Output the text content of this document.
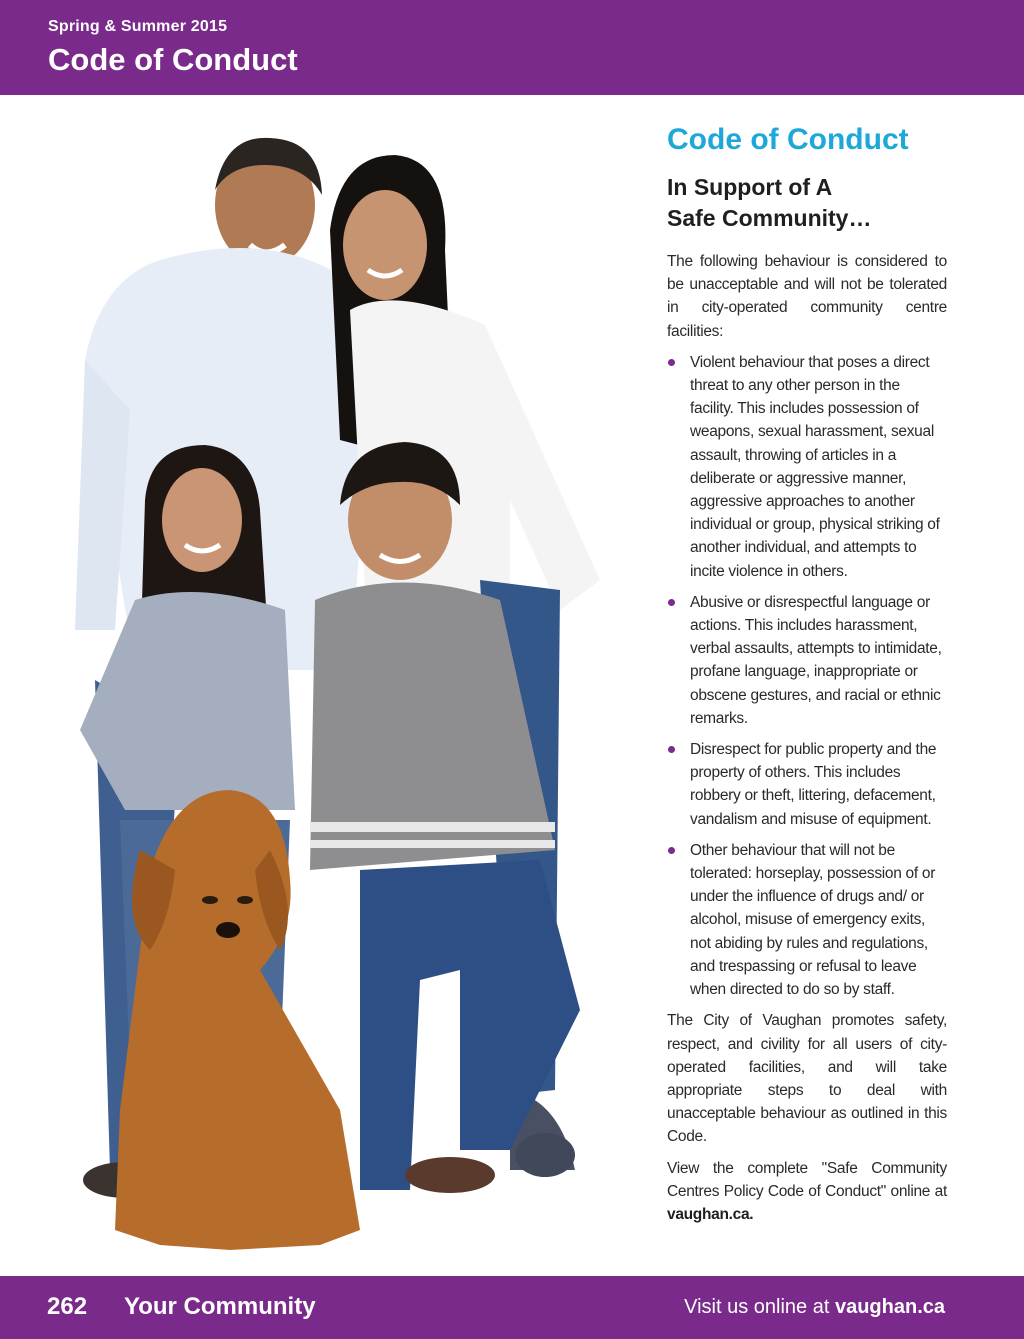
Spring & Summer 2015
Code of Conduct
Code of Conduct
In Support of A
Safe Community…

The following behaviour is considered to be unacceptable and will not be tolerated in city-operated community centre facilities:

Violent behaviour that poses a direct threat to any other person in the facility. This includes possession of weapons, sexual harassment, sexual assault, throwing of articles in a deliberate or aggressive manner, aggressive approaches to another individual or group, physical striking of another individual, and attempts to incite violence in others.
Abusive or disrespectful language or actions. This includes harassment, verbal assaults, attempts to intimidate, profane language, inappropriate or obscene gestures, and racial or ethnic remarks.
Disrespect for public property and the property of others. This includes robbery or theft, littering, defacement, vandalism and misuse of equipment.
Other behaviour that will not be tolerated: horseplay, possession of or under the influence of drugs and/ or alcohol, misuse of emergency exits, not abiding by rules and regulations, and trespassing or refusal to leave when directed to do so by staff.

The City of Vaughan promotes safety, respect, and civility for all users of city-operated facilities, and will take appropriate steps to deal with unacceptable behaviour as outlined in this Code.

View the complete "Safe Community Centres Policy Code of Conduct" online at vaughan.ca.

262 Your Community	Visit us online at vaughan.ca
